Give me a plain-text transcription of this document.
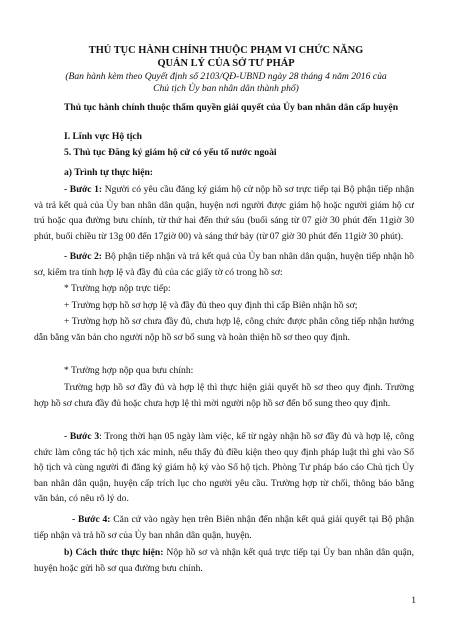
THỦ TỤC HÀNH CHÍNH THUỘC PHẠM VI CHỨC NĂNG
QUẢN LÝ CỦA SỞ TƯ PHÁP
(Ban hành kèm theo Quyết định số 2103/QĐ-UBND ngày 28 tháng 4 năm 2016 của
Chủ tịch Ủy ban nhân dân thành phố)

Thủ tục hành chính thuộc thẩm quyền giải quyết của Ủy ban nhân dân cấp huyện

I. Lĩnh vực Hộ tịch
5. Thủ tục Đăng ký giám hộ cử có yếu tố nước ngoài
a) Trình tự thực hiện:

- Bước 1: Người có yêu cầu đăng ký giám hộ cử nộp hồ sơ trực tiếp tại Bộ phận tiếp nhận và trả kết quả của Ủy ban nhân dân quận, huyện nơi người được giám hộ hoặc người giám hộ cư trú hoặc qua đường bưu chính, từ thứ hai đến thứ sáu (buổi sáng từ 07 giờ 30 phút đến 11giờ 30 phút, buổi chiều từ 13g 00 đến 17giờ 00) và sáng thứ bảy (từ 07 giờ 30 phút đến 11giờ 30 phút).

- Bước 2: Bộ phận tiếp nhận và trả kết quả của Ủy ban nhân dân quận, huyện tiếp nhận hồ sơ, kiểm tra tính hợp lệ và đầy đủ của các giấy tờ có trong hồ sơ:

* Trường hợp nộp trực tiếp:

+ Trường hợp hồ sơ hợp lệ và đầy đủ theo quy định thì cấp Biên nhận hồ sơ;

+ Trường hợp hồ sơ chưa đầy đủ, chưa hợp lệ, công chức được phân công tiếp nhận hướng dẫn bằng văn bản cho người nộp hồ sơ bổ sung và hoàn thiện hồ sơ theo quy định.

* Trường hợp nộp qua bưu chính:

Trường hợp hồ sơ đầy đủ và hợp lệ thì thực hiện giải quyết hồ sơ theo quy định. Trường hợp hồ sơ chưa đầy đủ hoặc chưa hợp lệ thì mời người nộp hồ sơ đến bổ sung theo quy định.

- Bước 3: Trong thời hạn 05 ngày làm việc, kể từ ngày nhận hồ sơ đầy đủ và hợp lệ, công chức làm công tác hộ tịch xác minh, nếu thấy đủ điều kiện theo quy định pháp luật thì ghi vào Sổ hộ tịch và cùng người đi đăng ký giám hộ ký vào Sổ hộ tịch. Phòng Tư pháp báo cáo Chủ tịch Ủy ban nhân dân quận, huyện cấp trích lục cho người yêu cầu. Trường hợp từ chối, thông báo bằng văn bản, có nêu rõ lý do.

- Bước 4: Căn cứ vào ngày hẹn trên Biên nhận đến nhận kết quả giải quyết tại Bộ phận tiếp nhận và trả hồ sơ của Ủy ban nhân dân quận, huyện.

b) Cách thức thực hiện: Nộp hồ sơ và nhận kết quả trực tiếp tại Ủy ban nhân dân quận, huyện hoặc gửi hồ sơ qua đường bưu chính.

1
